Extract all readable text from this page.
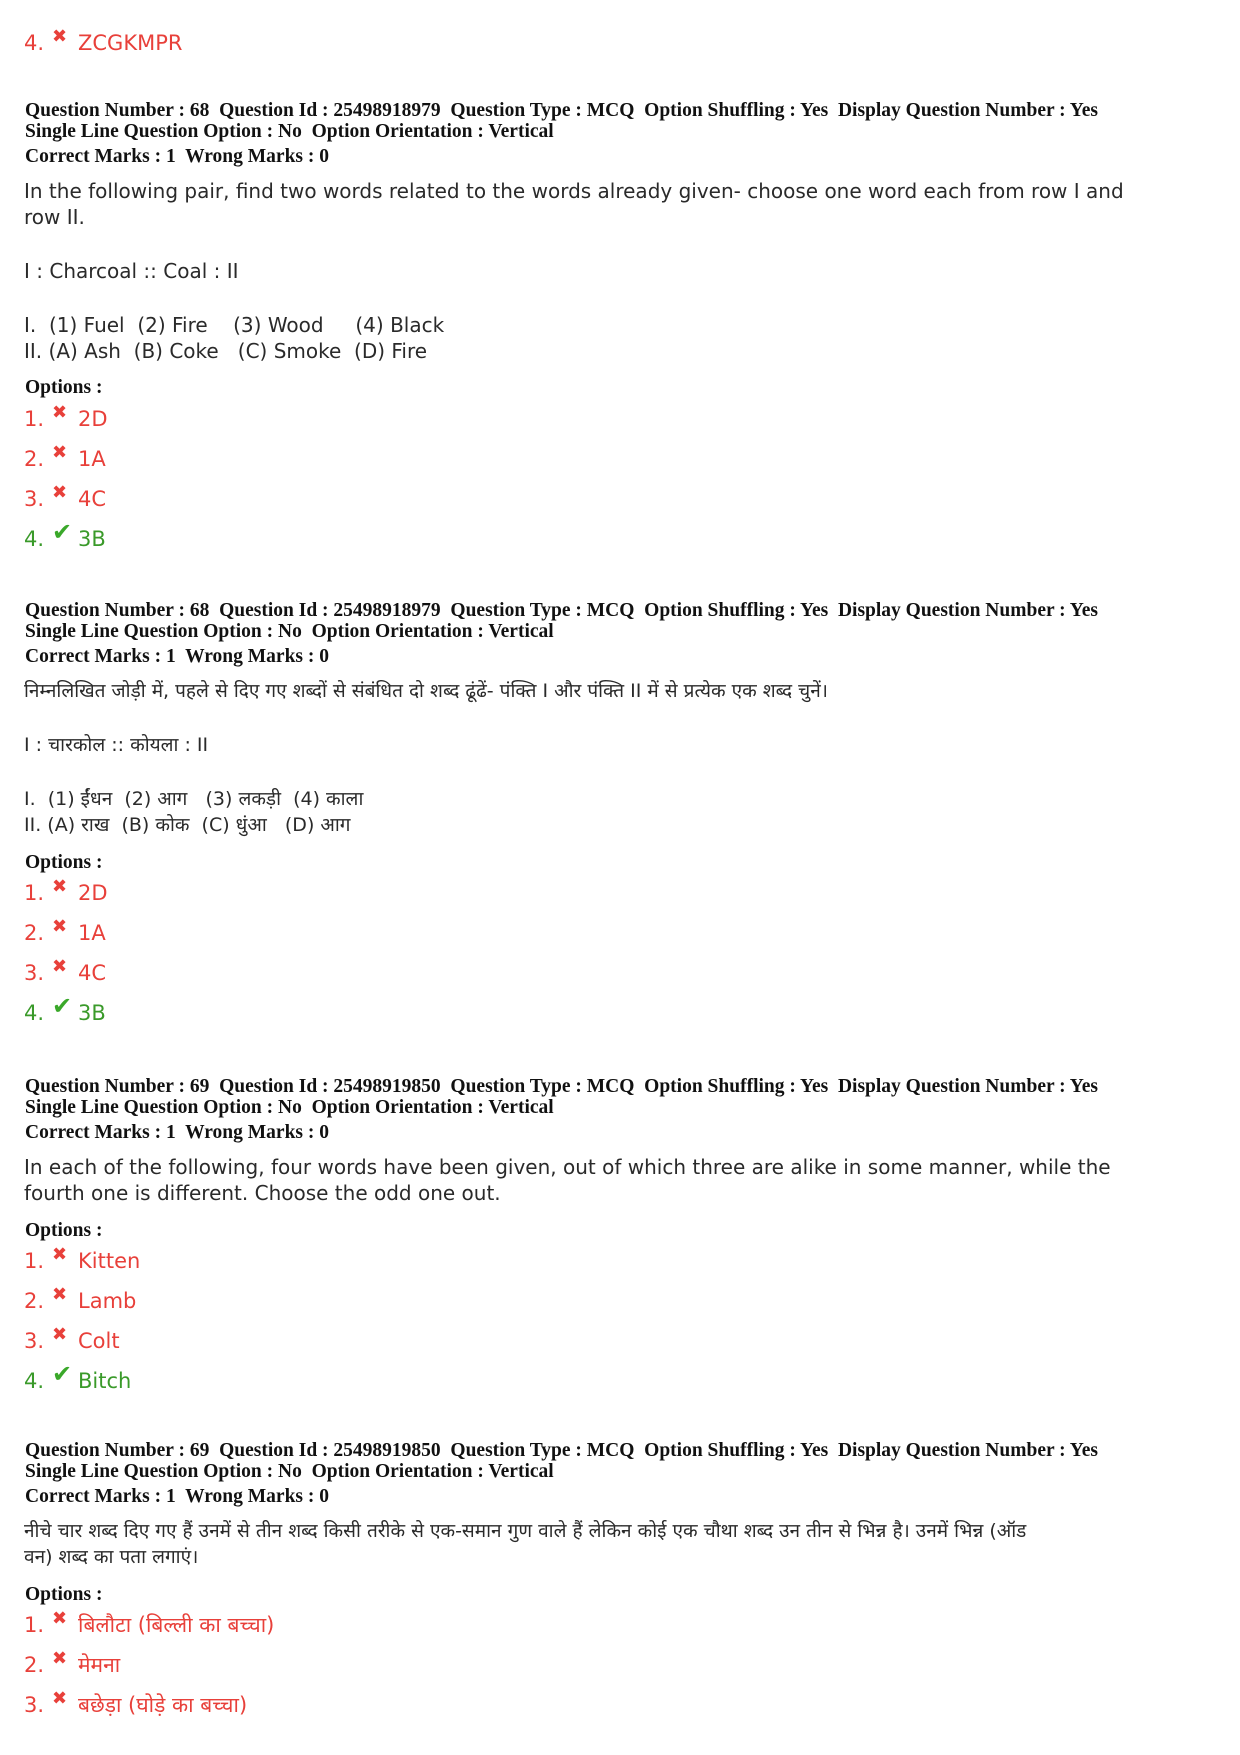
4. ✖ ZCGKMPR
Question Number : 68  Question Id : 25498918979  Question Type : MCQ  Option Shuffling : Yes  Display Question Number : Yes
Single Line Question Option : No  Option Orientation : Vertical
Correct Marks : 1  Wrong Marks : 0
In the following pair, find two words related to the words already given- choose one word each from row I and
row II.
I : Charcoal :: Coal : II
I.  (1) Fuel  (2) Fire    (3) Wood     (4) Black
II. (A) Ash  (B) Coke   (C) Smoke  (D) Fire
Options :
1. ✖ 2D
2. ✖ 1A
3. ✖ 4C
4. ✔ 3B
Question Number : 68  Question Id : 25498918979  Question Type : MCQ  Option Shuffling : Yes  Display Question Number : Yes
Single Line Question Option : No  Option Orientation : Vertical
Correct Marks : 1  Wrong Marks : 0
निम्नलिखित जोड़ी में, पहले से दिए गए शब्दों से संबंधित दो शब्द ढूंढें- पंक्ति I और पंक्ति II में से प्रत्येक एक शब्द चुनें।
I : चारकोल :: कोयला : II
I.  (1) ईंधन  (2) आग   (3) लकड़ी  (4) काला
II. (A) राख  (B) कोक  (C) धुंआ   (D) आग
Options :
1. ✖ 2D
2. ✖ 1A
3. ✖ 4C
4. ✔ 3B
Question Number : 69  Question Id : 25498919850  Question Type : MCQ  Option Shuffling : Yes  Display Question Number : Yes
Single Line Question Option : No  Option Orientation : Vertical
Correct Marks : 1  Wrong Marks : 0
In each of the following, four words have been given, out of which three are alike in some manner, while the
fourth one is different. Choose the odd one out.
Options :
1. ✖ Kitten
2. ✖ Lamb
3. ✖ Colt
4. ✔ Bitch
Question Number : 69  Question Id : 25498919850  Question Type : MCQ  Option Shuffling : Yes  Display Question Number : Yes
Single Line Question Option : No  Option Orientation : Vertical
Correct Marks : 1  Wrong Marks : 0
नीचे चार शब्द दिए गए हैं उनमें से तीन शब्द किसी तरीके से एक-समान गुण वाले हैं लेकिन कोई एक चौथा शब्द उन तीन से भिन्न है। उनमें भिन्न (ऑड
वन) शब्द का पता लगाएं।
Options :
1. ✖ बिलौटा (बिल्ली का बच्चा)
2. ✖ मेमना
3. ✖ बछेड़ा (घोड़े का बच्चा)
